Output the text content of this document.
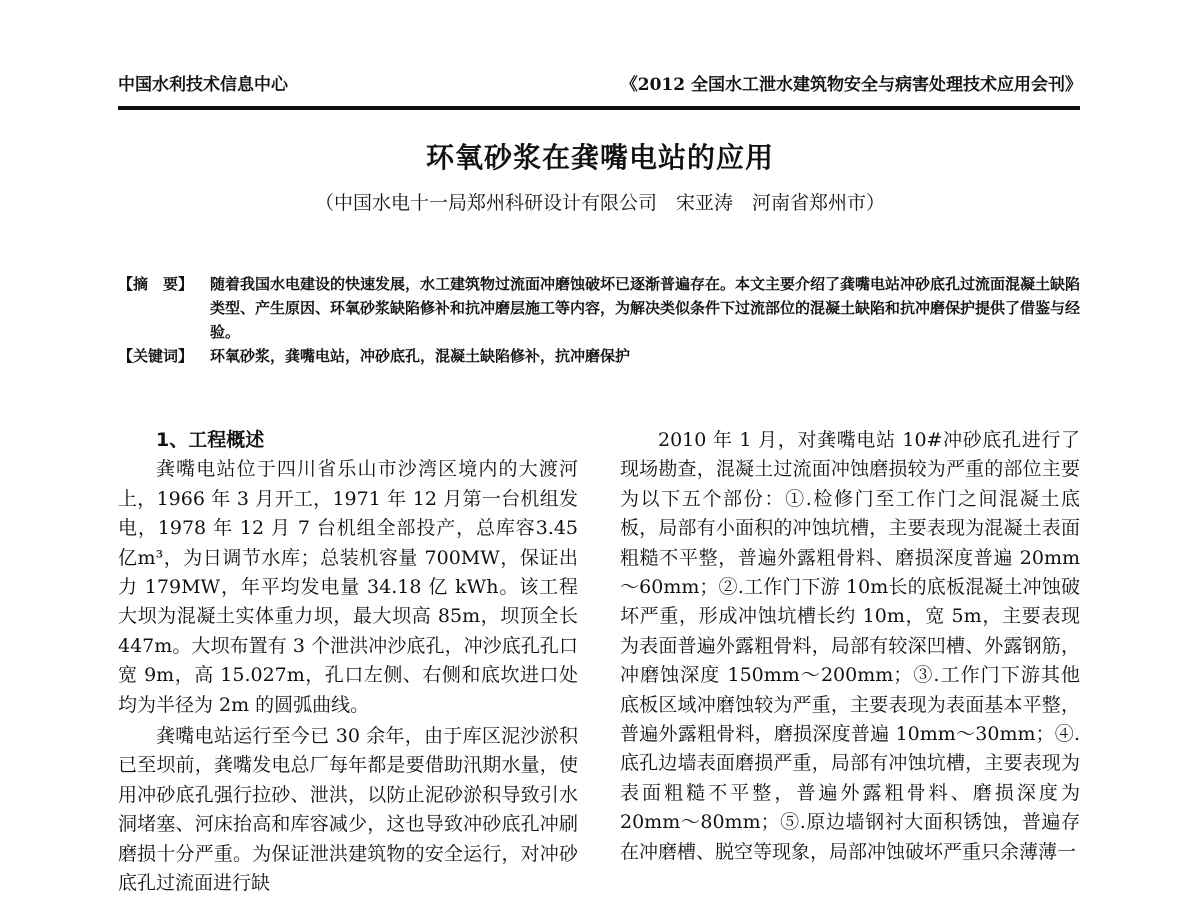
中国水利技术信息中心	《2012 全国水工泄水建筑物安全与病害处理技术应用会刊》
环氧砂浆在龚嘴电站的应用
（中国水电十一局郑州科研设计有限公司　宋亚涛　河南省郑州市）
【摘　要】	随着我国水电建设的快速发展，水工建筑物过流面冲磨蚀破坏已逐渐普遍存在。本文主要介绍了龚嘴电站冲砂底孔过流面混凝土缺陷类型、产生原因、环氧砂浆缺陷修补和抗冲磨层施工等内容，为解决类似条件下过流部位的混凝土缺陷和抗冲磨保护提供了借鉴与经验。
【关键词】	环氧砂浆，龚嘴电站，冲砂底孔，混凝土缺陷修补，抗冲磨保护
1、工程概述

龚嘴电站位于四川省乐山市沙湾区境内的大渡河上，1966 年 3 月开工，1971 年 12 月第一台机组发电，1978 年 12 月 7 台机组全部投产，总库容3.45亿m³，为日调节水库；总装机容量 700MW，保证出力 179MW，年平均发电量 34.18 亿 kWh。该工程大坝为混凝土实体重力坝，最大坝高 85m，坝顶全长 447m。大坝布置有 3 个泄洪冲沙底孔，冲沙底孔孔口宽 9m，高 15.027m，孔口左侧、右侧和底坎进口处均为半径为 2m 的圆弧曲线。

龚嘴电站运行至今已 30 余年，由于库区泥沙淤积已至坝前，龚嘴发电总厂每年都是要借助汛期水量，使用冲砂底孔强行拉砂、泄洪，以防止泥砂淤积导致引水洞堵塞、河床抬高和库容减少，这也导致冲砂底孔冲刷磨损十分严重。为保证泄洪建筑物的安全运行，对冲砂底孔过流面进行缺

2010 年 1 月，对龚嘴电站 10#冲砂底孔进行了现场勘查，混凝土过流面冲蚀磨损较为严重的部位主要为以下五个部份：①.检修门至工作门之间混凝土底板，局部有小面积的冲蚀坑槽，主要表现为混凝土表面粗糙不平整，普遍外露粗骨料、磨损深度普遍 20mm～60mm；②.工作门下游 10m长的底板混凝土冲蚀破坏严重，形成冲蚀坑槽长约 10m，宽 5m，主要表现为表面普遍外露粗骨料，局部有较深凹槽、外露钢筋，冲磨蚀深度 150mm～200mm；③.工作门下游其他底板区域冲磨蚀较为严重，主要表现为表面基本平整，普遍外露粗骨料，磨损深度普遍 10mm～30mm；④.底孔边墙表面磨损严重，局部有冲蚀坑槽，主要表现为表面粗糙不平整，普遍外露粗骨料、磨损深度为 20mm～80mm；⑤.原边墙钢衬大面积锈蚀，普遍存在冲磨槽、脱空等现象，局部冲蚀破坏严重只余薄薄一
